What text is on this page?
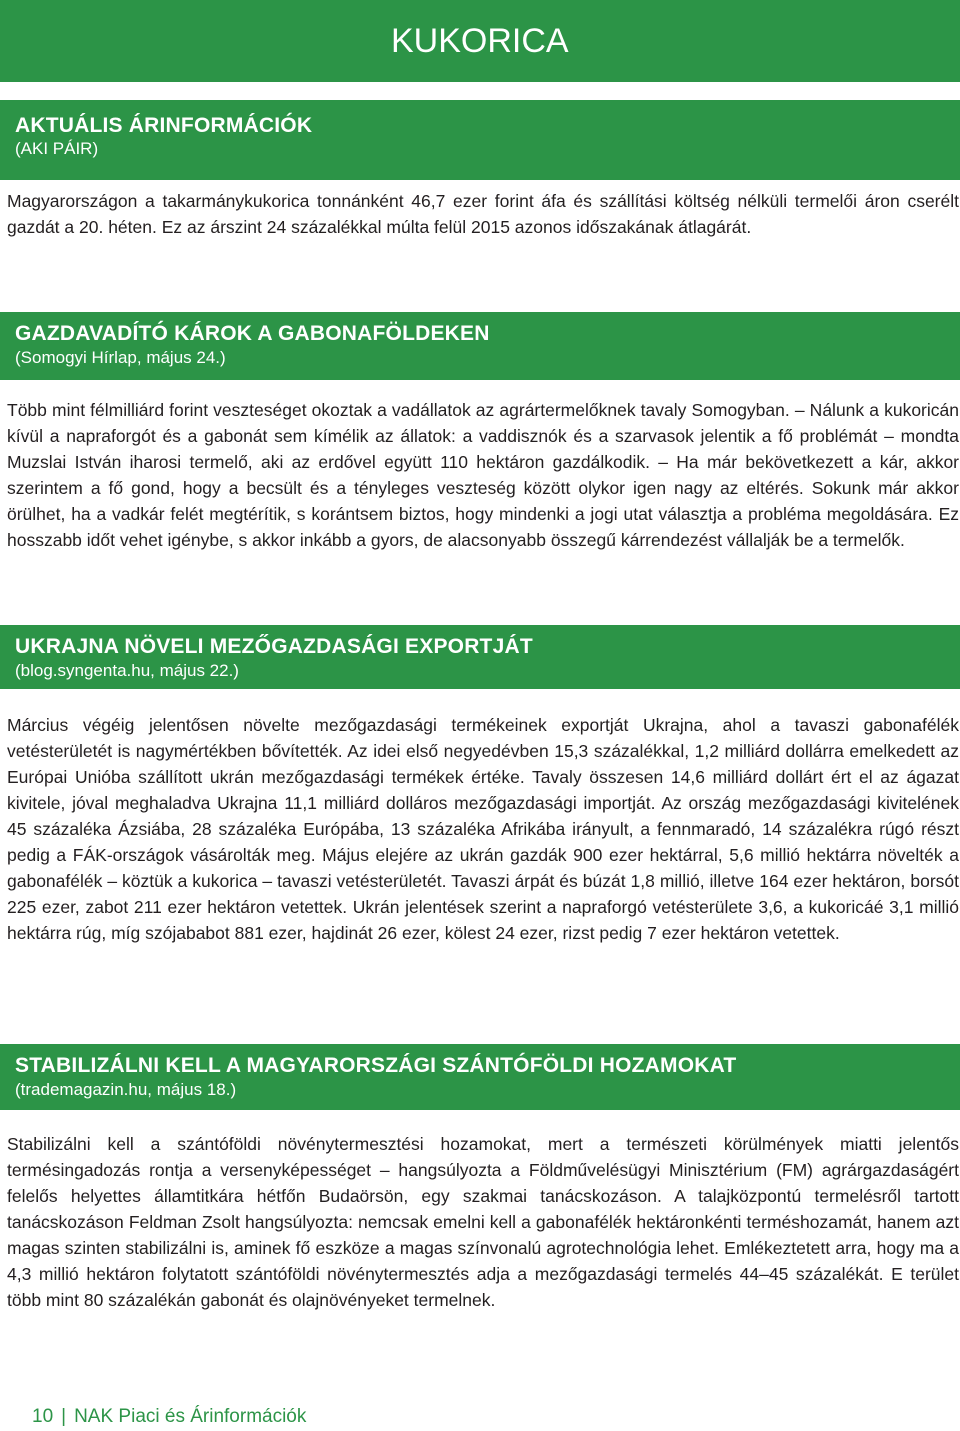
KUKORICA
AKTUÁLIS ÁRINFORMÁCIÓK

(AKI PÁIR)

Magyarországon a takarmánykukorica tonnánként 46,7 ezer forint áfa és szállítási költség nélküli termelői áron cserélt gazdát a 20. héten. Ez az árszint 24 százalékkal múlta felül 2015 azonos időszakának átlagárát.

GAZDAVADÍTÓ KÁROK A GABONAFÖLDEKEN

(Somogyi Hírlap, május 24.)

Több mint félmilliárd forint veszteséget okoztak a vadállatok az agrártermelőknek tavaly Somogyban. – Nálunk a kukoricán kívül a napraforgót és a gabonát sem kímélik az állatok: a vaddisznók és a szarvasok jelentik a fő problémát – mondta Muzslai István iharosi termelő, aki az erdővel együtt 110 hektáron gazdálkodik. – Ha már bekövetkezett a kár, akkor szerintem a fő gond, hogy a becsült és a tényleges veszteség között olykor igen nagy az eltérés. Sokunk már akkor örülhet, ha a vadkár felét megtérítik, s korántsem biztos, hogy mindenki a jogi utat választja a probléma megoldására. Ez hosszabb időt vehet igénybe, s akkor inkább a gyors, de alacsonyabb összegű kárrendezést vállalják be a termelők.

UKRAJNA NÖVELI MEZŐGAZDASÁGI EXPORTJÁT

(blog.syngenta.hu, május 22.)

Március végéig jelentősen növelte mezőgazdasági termékeinek exportját Ukrajna, ahol a tavaszi gabonafélék vetésterületét is nagymértékben bővítették. Az idei első negyedévben 15,3 százalékkal, 1,2 milliárd dollárra emelkedett az Európai Unióba szállított ukrán mezőgazdasági termékek értéke. Tavaly összesen 14,6 milliárd dollárt ért el az ágazat kivitele, jóval meghaladva Ukrajna 11,1 milliárd dolláros mezőgazdasági importját. Az ország mezőgazdasági kivitelének 45 százaléka Ázsiába, 28 százaléka Európába, 13 százaléka Afrikába irányult, a fennmaradó, 14 százalékra rúgó részt pedig a FÁK-országok vásárolták meg. Május elejére az ukrán gazdák 900 ezer hektárral, 5,6 millió hektárra növelték a gabonafélék – köztük a kukorica – tavaszi vetésterületét. Tavaszi árpát és búzát 1,8 millió, illetve 164 ezer hektáron, borsót 225 ezer, zabot 211 ezer hektáron vetettek. Ukrán jelentések szerint a napraforgó vetésterülete 3,6, a kukoricáé 3,1 millió hektárra rúg, míg szójababot 881 ezer, hajdinát 26 ezer, kölest 24 ezer, rizst pedig 7 ezer hektáron vetettek.

STABILIZÁLNI KELL A MAGYARORSZÁGI SZÁNTÓFÖLDI HOZAMOKAT

(trademagazin.hu, május 18.)

Stabilizálni kell a szántóföldi növénytermesztési hozamokat, mert a természeti körülmények miatti jelentős termésingadozás rontja a versenyképességet – hangsúlyozta a Földművelésügyi Minisztérium (FM) agrárgazdaságért felelős helyettes államtitkára hétfőn Budaörsön, egy szakmai tanácskozáson. A talajközpontú termelésről tartott tanácskozáson Feldman Zsolt hangsúlyozta: nemcsak emelni kell a gabonafélék hektáronkénti terméshozamát, hanem azt magas szinten stabilizálni is, aminek fő eszköze a magas színvonalú agrotechnológia lehet. Emlékeztetett arra, hogy ma a 4,3 millió hektáron folytatott szántóföldi növénytermesztés adja a mezőgazdasági termelés 44–45 százalékát. E terület több mint 80 százalékán gabonát és olajnövényeket termelnek.

10 | NAK Piaci és Árinformációk
